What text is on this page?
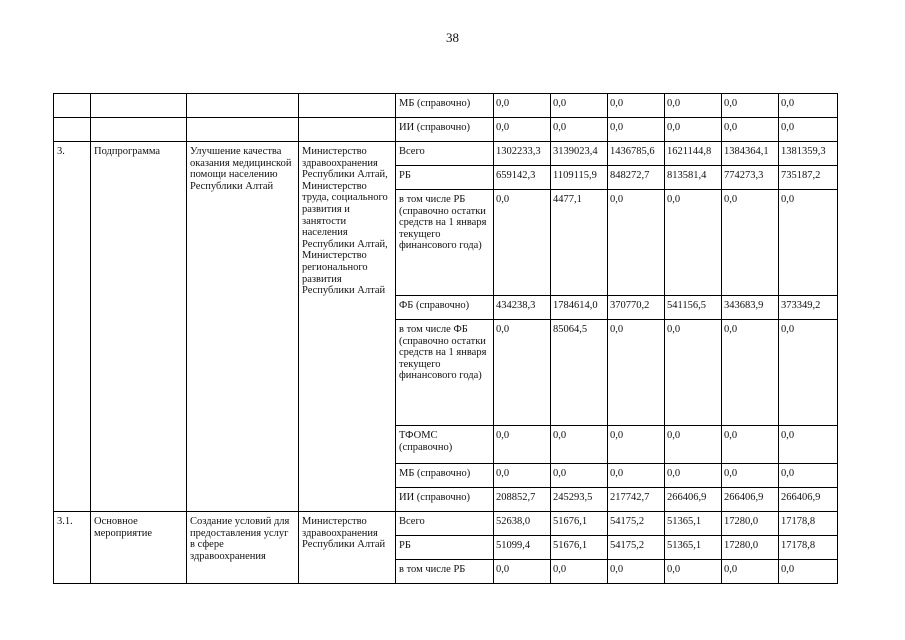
38
				МБ (справочно)	0,0	0,0	0,0	0,0	0,0	0,0
				ИИ (справочно)	0,0	0,0	0,0	0,0	0,0	0,0
3.	Подпрограмма	Улучшение качества оказания медицинской помощи населению Республики Алтай	Министерство здравоохранения Республики Алтай, Министерство труда, социального развития и занятости населения Республики Алтай, Министерство регионального развития Республики Алтай	Всего	1302233,3	3139023,4	1436785,6	1621144,8	1384364,1	1381359,3
				РБ	659142,3	1109115,9	848272,7	813581,4	774273,3	735187,2
				в том числе РБ (справочно остатки средств на 1 января текущего финансового года)	0,0	4477,1	0,0	0,0	0,0	0,0
				ФБ (справочно)	434238,3	1784614,0	370770,2	541156,5	343683,9	373349,2
				в том числе ФБ (справочно остатки средств на 1 января текущего финансового года)	0,0	85064,5	0,0	0,0	0,0	0,0
				ТФОМС (справочно)	0,0	0,0	0,0	0,0	0,0	0,0
				МБ (справочно)	0,0	0,0	0,0	0,0	0,0	0,0
				ИИ (справочно)	208852,7	245293,5	217742,7	266406,9	266406,9	266406,9
3.1.	Основное мероприятие	Создание условий для предоставления услуг в сфере здравоохранения	Министерство здравоохранения Республики Алтай	Всего	52638,0	51676,1	54175,2	51365,1	17280,0	17178,8
				РБ	51099,4	51676,1	54175,2	51365,1	17280,0	17178,8
				в том числе РБ	0,0	0,0	0,0	0,0	0,0	0,0
